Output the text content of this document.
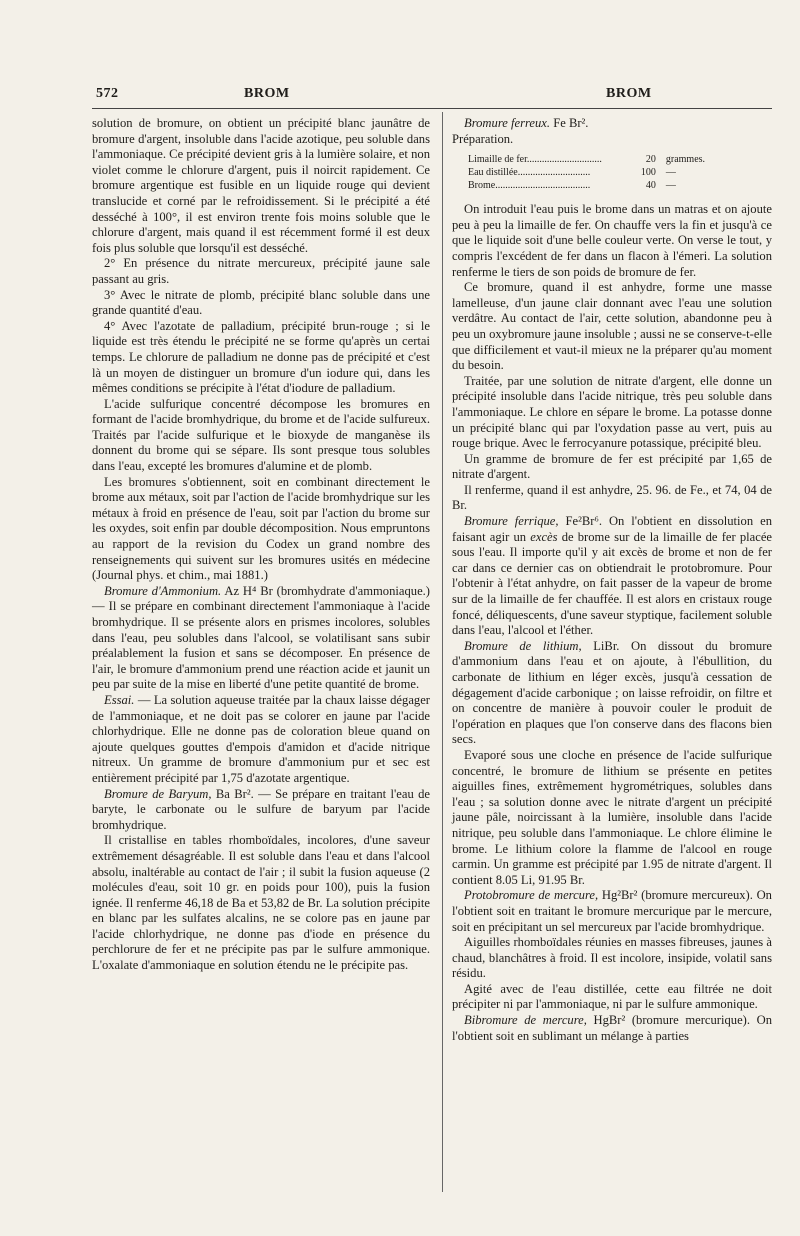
572	BROM	BROM

solution de bromure, on obtient un précipité blanc jaunâtre de bromure d'argent, insoluble dans l'acide azotique, peu soluble dans l'ammoniaque. Ce précipité devient gris à la lumière solaire, et non violet comme le chlorure d'argent, puis il noircit rapidement. Ce bromure argentique est fusible en un liquide rouge qui devient translucide et corné par le refroidissement. Si le précipité a été desséché à 100°, il est environ trente fois moins soluble que le chlorure d'argent, mais quand il est récemment formé il est deux fois plus soluble que lorsqu'il est desséché.

2° En présence du nitrate mercureux, précipité jaune sale passant au gris.

3° Avec le nitrate de plomb, précipité blanc soluble dans une grande quantité d'eau.

4° Avec l'azotate de palladium, précipité brun-rouge ; si le liquide est très étendu le précipité ne se forme qu'après un certai temps. Le chlorure de palladium ne donne pas de précipité et c'est là un moyen de distinguer un bromure d'un iodure qui, dans les mêmes conditions se précipite à l'état d'iodure de palladium.

L'acide sulfurique concentré décompose les bromures en formant de l'acide bromhydrique, du brome et de l'acide sulfureux. Traités par l'acide sulfurique et le bioxyde de manganèse ils donnent du brome qui se sépare. Ils sont presque tous solubles dans l'eau, excepté les bromures d'alumine et de plomb.

Les bromures s'obtiennent, soit en combinant directement le brome aux métaux, soit par l'action de l'acide bromhydrique sur les métaux à froid en présence de l'eau, soit par l'action du brome sur les oxydes, soit enfin par double décomposition. Nous empruntons au rapport de la revision du Codex un grand nombre des renseignements qui suivent sur les bromures usités en médecine (Journal phys. et chim., mai 1881.)

Bromure d'Ammonium. Az H⁴ Br (bromhydrate d'ammoniaque.) — Il se prépare en combinant directement l'ammoniaque à l'acide bromhydrique. Il se présente alors en prismes incolores, solubles dans l'eau, peu solubles dans l'alcool, se volatilisant sans subir préalablement la fusion et sans se décomposer. En présence de l'air, le bromure d'ammonium prend une réaction acide et jaunit un peu par suite de la mise en liberté d'une petite quantité de brome.

Essai. — La solution aqueuse traitée par la chaux laisse dégager de l'ammoniaque, et ne doit pas se colorer en jaune par l'acide chlorhydrique. Elle ne donne pas de coloration bleue quand on ajoute quelques gouttes d'empois d'amidon et d'acide nitrique nitreux. Un gramme de bromure d'ammonium pur et sec est entièrement précipité par 1,75 d'azotate argentique.

Bromure de Baryum, Ba Br². — Se prépare en traitant l'eau de baryte, le carbonate ou le sulfure de baryum par l'acide bromhydrique.

Il cristallise en tables rhomboïdales, incolores, d'une saveur extrêmement désagréable. Il est soluble dans l'eau et dans l'alcool absolu, inaltérable au contact de l'air ; il subit la fusion aqueuse (2 molécules d'eau, soit 10 gr. en poids pour 100), puis la fusion ignée. Il renferme 46,18 de Ba et 53,82 de Br. La solution précipite en blanc par les sulfates alcalins, ne se colore pas en jaune par l'acide chlorhydrique, ne donne pas d'iode en présence du perchlorure de fer et ne précipite pas par le sulfure ammonique. L'oxalate d'ammoniaque en solution étendu ne le précipite pas.

Bromure ferreux. Fe Br².

Préparation.

Limaille de fer..............................	20	grammes.
Eau distillée.............................	100	—
Brome......................................	40	—

On introduit l'eau puis le brome dans un matras et on ajoute peu à peu la limaille de fer. On chauffe vers la fin et jusqu'à ce que le liquide soit d'une belle couleur verte. On verse le tout, y compris l'excédent de fer dans un flacon à l'émeri. La solution renferme le tiers de son poids de bromure de fer.

Ce bromure, quand il est anhydre, forme une masse lamelleuse, d'un jaune clair donnant avec l'eau une solution verdâtre. Au contact de l'air, cette solution, abandonne peu à peu un oxybromure jaune insoluble ; aussi ne se conserve-t-elle que difficilement et vaut-il mieux ne la préparer qu'au moment du besoin.

Traitée, par une solution de nitrate d'argent, elle donne un précipité insoluble dans l'acide nitrique, très peu soluble dans l'ammoniaque. Le chlore en sépare le brome. La potasse donne un précipité blanc qui par l'oxydation passe au vert, puis au rouge brique. Avec le ferrocyanure potassique, précipité bleu.

Un gramme de bromure de fer est précipité par 1,65 de nitrate d'argent.

Il renferme, quand il est anhydre, 25. 96. de Fe., et 74, 04 de Br.

Bromure ferrique, Fe²Br⁶. On l'obtient en dissolution en faisant agir un excès de brome sur de la limaille de fer placée sous l'eau. Il importe qu'il y ait excès de brome et non de fer car dans ce dernier cas on obtiendrait le protobromure. Pour l'obtenir à l'état anhydre, on fait passer de la vapeur de brome sur de la limaille de fer chauffée. Il est alors en cristaux rouge foncé, déliquescents, d'une saveur styptique, facilement soluble dans l'eau, l'alcool et l'éther.

Bromure de lithium, LiBr. On dissout du bromure d'ammonium dans l'eau et on ajoute, à l'ébullition, du carbonate de lithium en léger excès, jusqu'à cessation de dégagement d'acide carbonique ; on laisse refroidir, on filtre et on concentre de manière à pouvoir couler le produit de l'opération en plaques que l'on conserve dans des flacons bien secs.

Evaporé sous une cloche en présence de l'acide sulfurique concentré, le bromure de lithium se présente en petites aiguilles fines, extrêmement hygrométriques, solubles dans l'eau ; sa solution donne avec le nitrate d'argent un précipité jaune pâle, noircissant à la lumière, insoluble dans l'acide nitrique, peu soluble dans l'ammoniaque. Le chlore élimine le brome. Le lithium colore la flamme de l'alcool en rouge carmin. Un gramme est précipité par 1.95 de nitrate d'argent. Il contient 8.05 Li, 91.95 Br.

Protobromure de mercure, Hg²Br² (bromure mercureux). On l'obtient soit en traitant le bromure mercurique par le mercure, soit en précipitant un sel mercureux par l'acide bromhydrique.

Aiguilles rhomboïdales réunies en masses fibreuses, jaunes à chaud, blanchâtres à froid. Il est incolore, insipide, volatil sans résidu.

Agité avec de l'eau distillée, cette eau filtrée ne doit précipiter ni par l'ammoniaque, ni par le sulfure ammonique.

Bibromure de mercure, HgBr² (bromure mercurique). On l'obtient soit en sublimant un mélange à parties
